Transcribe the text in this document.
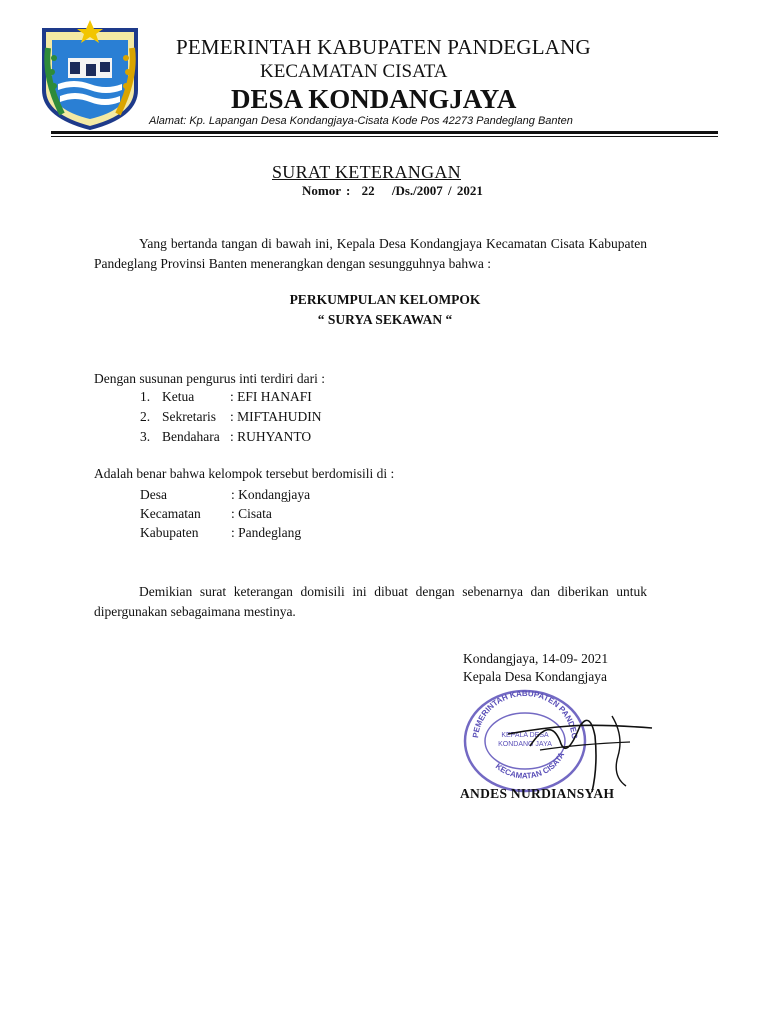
PEMERINTAH KABUPATEN PANDEGLANG
KECAMATAN CISATA
DESA KONDANGJAYA
Alamat: Kp. Lapangan Desa Kondangjaya-Cisata Kode Pos 42273 Pandeglang Banten
SURAT KETERANGAN
Nomor : 22 /Ds./2007 / 2021
Yang bertanda tangan di bawah ini, Kepala Desa Kondangjaya Kecamatan Cisata Kabupaten Pandeglang Provinsi Banten menerangkan dengan sesungguhnya bahwa :
PERKUMPULAN KELOMPOK
“ SURYA SEKAWAN “
Dengan susunan pengurus inti terdiri dari :
1. Ketua	: EFI HANAFI
2. Sekretaris : MIFTAHUDIN
3. Bendahara : RUHYANTO
Adalah benar bahwa kelompok tersebut berdomisili di :
Desa	: Kondangjaya
Kecamatan : Cisata
Kabupaten : Pandeglang
Demikian surat keterangan domisili ini dibuat dengan sebenarnya dan diberikan untuk dipergunakan sebagaimana mestinya.
Kondangjaya, 14-09- 2021
Kepala Desa Kondangjaya
PEMERINTAH KABUPATEN PANDEG
KECAMATAN CISATA
KEPALA DESA
KONDANG JAYA
ANDES NURDIANSYAH
